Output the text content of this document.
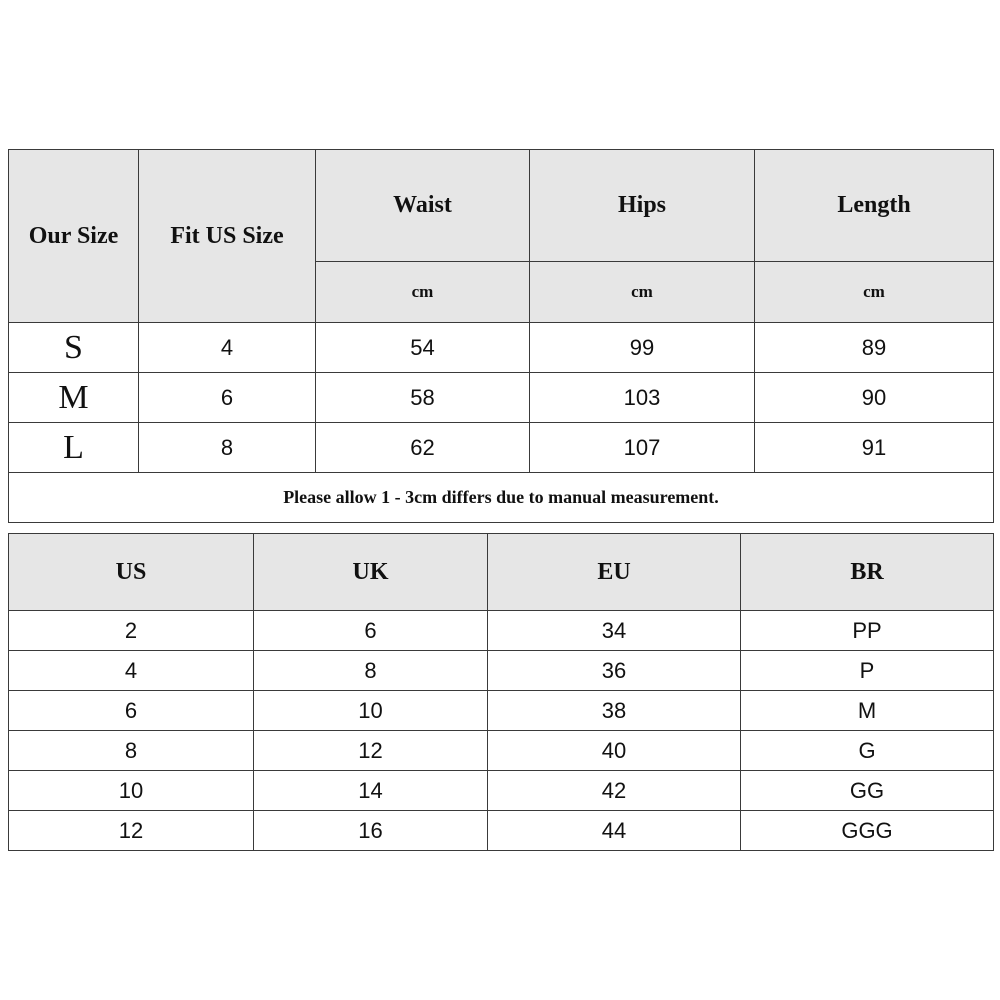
Our Size	Fit US Size	Waist	Hips	Length
		cm	cm	cm
S	4	54	99	89
M	6	58	103	90
L	8	62	107	91
Please allow 1 - 3cm differs due to manual measurement.				
US	UK	EU	BR
2	6	34	PP
4	8	36	P
6	10	38	M
8	12	40	G
10	14	42	GG
12	16	44	GGG
